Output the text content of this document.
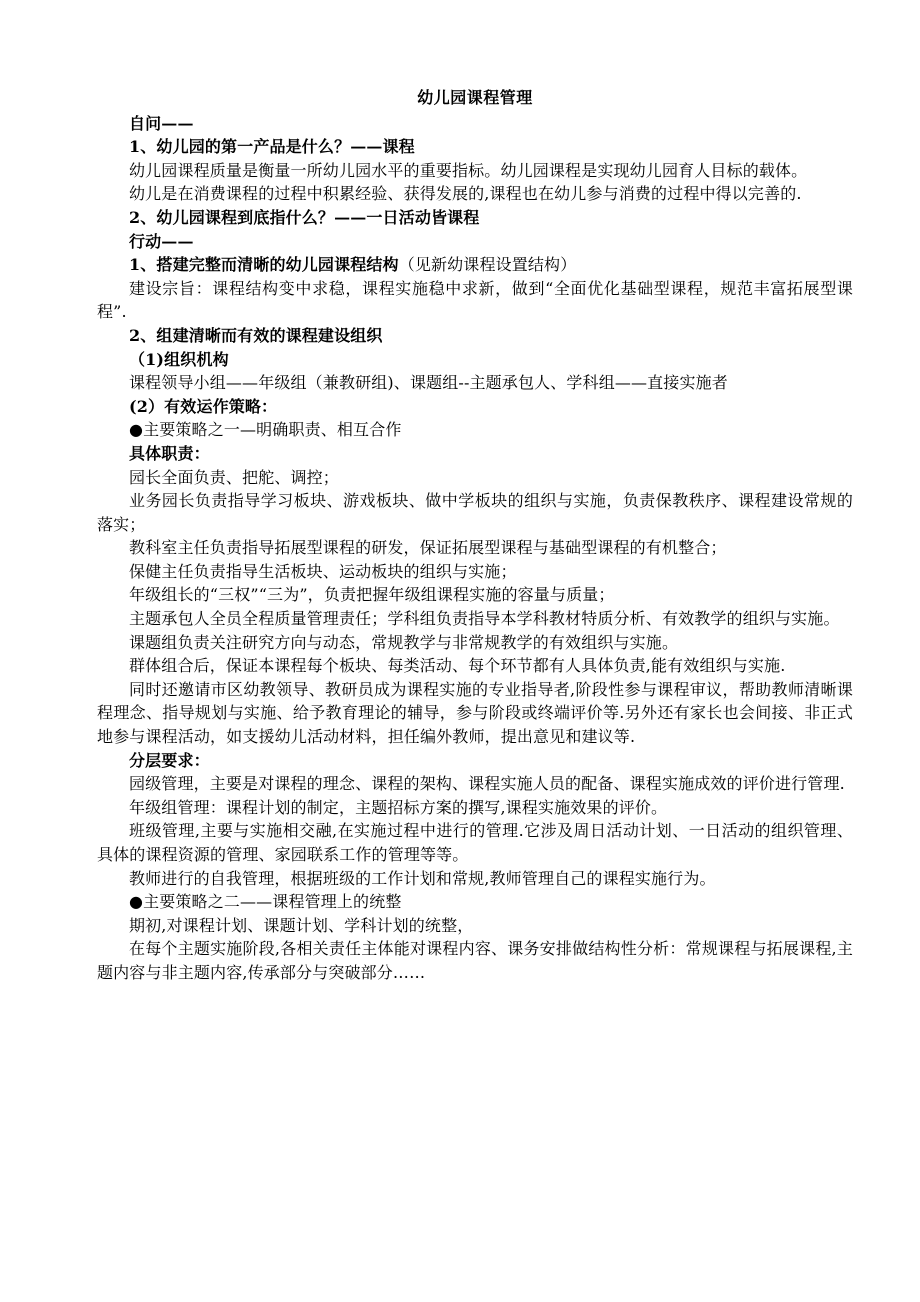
幼儿园课程管理
自问——
1、幼儿园的第一产品是什么？——课程
幼儿园课程质量是衡量一所幼儿园水平的重要指标。幼儿园课程是实现幼儿园育人目标的载体。
幼儿是在消费课程的过程中积累经验、获得发展的,课程也在幼儿参与消费的过程中得以完善的.
2、幼儿园课程到底指什么？——一日活动皆课程
行动——
1、搭建完整而清晰的幼儿园课程结构（见新幼课程设置结构）
建设宗旨：课程结构变中求稳，课程实施稳中求新，做到“全面优化基础型课程，规范丰富拓展型课程”.
2、组建清晰而有效的课程建设组织
（1)组织机构
课程领导小组——年级组（兼教研组)、课题组--主题承包人、学科组——直接实施者
(2）有效运作策略：
●主要策略之一—明确职责、相互合作
具体职责：
园长全面负责、把舵、调控；
业务园长负责指导学习板块、游戏板块、做中学板块的组织与实施，负责保教秩序、课程建设常规的落实；
教科室主任负责指导拓展型课程的研发，保证拓展型课程与基础型课程的有机整合；
保健主任负责指导生活板块、运动板块的组织与实施；
年级组长的“三权”“三为”，负责把握年级组课程实施的容量与质量；
主题承包人全员全程质量管理责任；学科组负责指导本学科教材特质分析、有效教学的组织与实施。
课题组负责关注研究方向与动态，常规教学与非常规教学的有效组织与实施。
群体组合后，保证本课程每个板块、每类活动、每个环节都有人具体负责,能有效组织与实施.
同时还邀请市区幼教领导、教研员成为课程实施的专业指导者,阶段性参与课程审议，帮助教师清晰课程理念、指导规划与实施、给予教育理论的辅导，参与阶段或终端评价等.另外还有家长也会间接、非正式地参与课程活动，如支援幼儿活动材料，担任编外教师，提出意见和建议等.
分层要求：
园级管理，主要是对课程的理念、课程的架构、课程实施人员的配备、课程实施成效的评价进行管理.
年级组管理：课程计划的制定，主题招标方案的撰写,课程实施效果的评价。
班级管理,主要与实施相交融,在实施过程中进行的管理.它涉及周日活动计划、一日活动的组织管理、具体的课程资源的管理、家园联系工作的管理等等。
教师进行的自我管理，根据班级的工作计划和常规,教师管理自己的课程实施行为。
●主要策略之二——课程管理上的统整
期初,对课程计划、课题计划、学科计划的统整，
在每个主题实施阶段,各相关责任主体能对课程内容、课务安排做结构性分析：常规课程与拓展课程,主题内容与非主题内容,传承部分与突破部分……
